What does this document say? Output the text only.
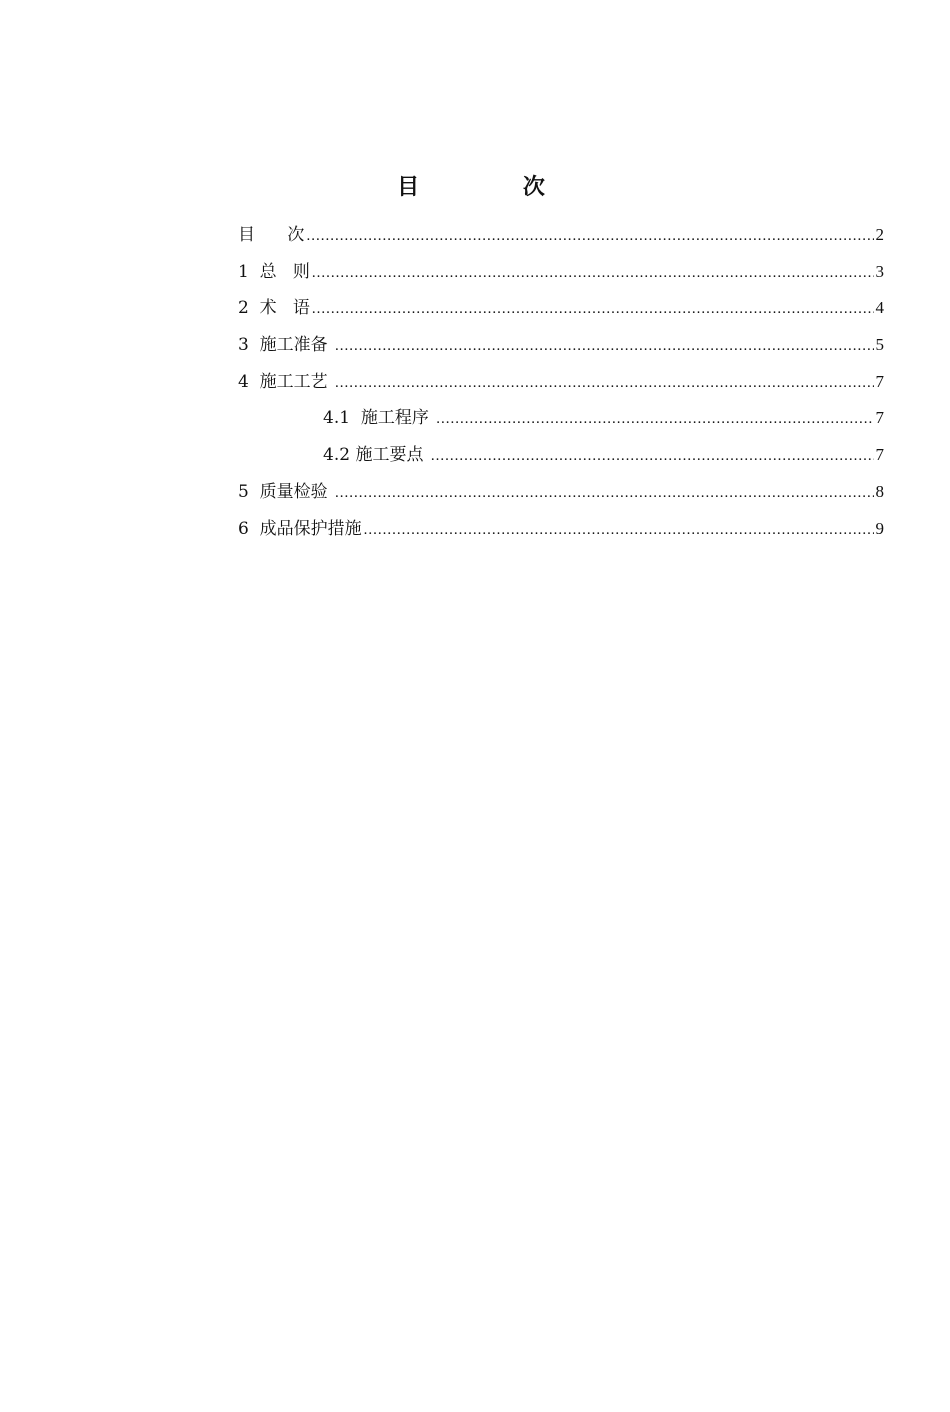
目 次
目      次 .....	2
1  总   则 .....	3
2  术   语 .....	4
3  施工准备 .....	5
4  施工工艺 .....	7
4.1  施工程序 .....	7
4.2 施工要点 .....	7
5  质量检验 .....	8
6  成品保护措施 .....	9
